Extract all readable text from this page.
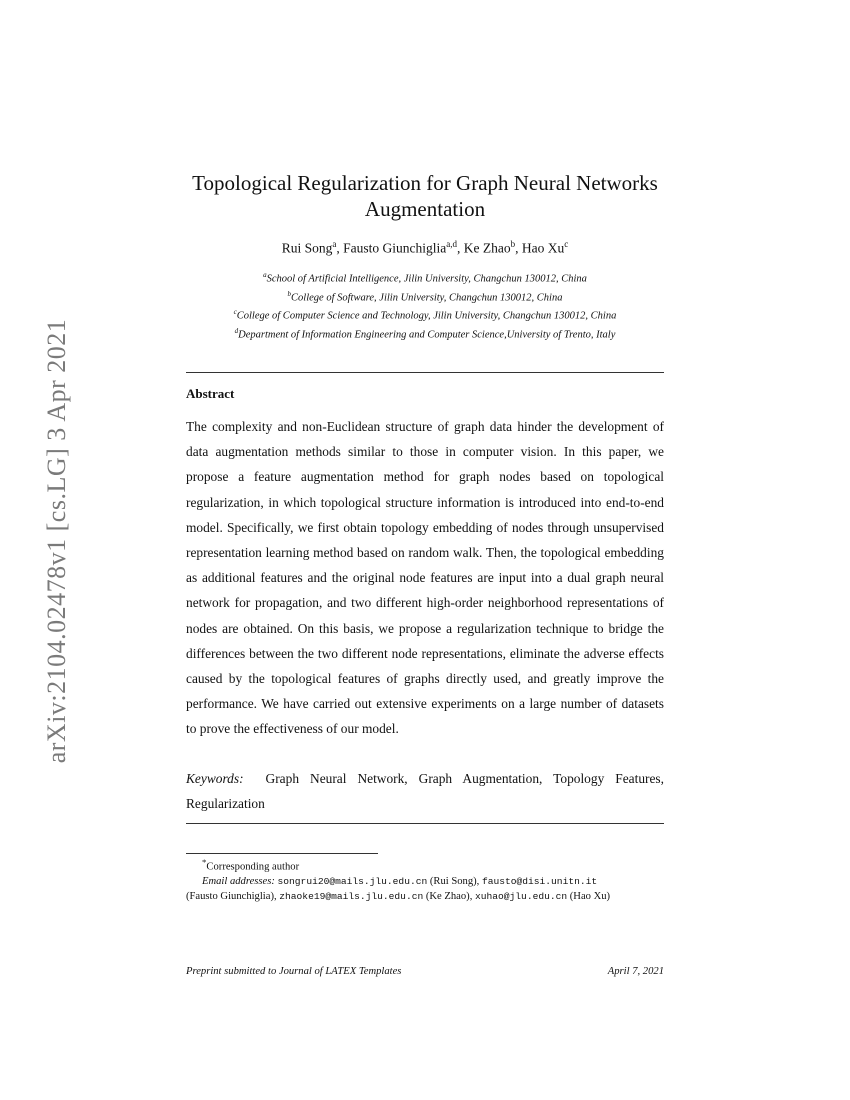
arXiv:2104.02478v1 [cs.LG] 3 Apr 2021
Topological Regularization for Graph Neural Networks Augmentation
Rui Song$^a$, Fausto Giunchiglia$^{a,d}$, Ke Zhao$^b$, Hao Xu$^c$
$^a$School of Artificial Intelligence, Jilin University, Changchun 130012, China
$^b$College of Software, Jilin University, Changchun 130012, China
$^c$College of Computer Science and Technology, Jilin University, Changchun 130012, China
$^d$Department of Information Engineering and Computer Science,University of Trento, Italy
Abstract

The complexity and non-Euclidean structure of graph data hinder the development of data augmentation methods similar to those in computer vision. In this paper, we propose a feature augmentation method for graph nodes based on topological regularization, in which topological structure information is introduced into end-to-end model. Specifically, we first obtain topology embedding of nodes through unsupervised representation learning method based on random walk. Then, the topological embedding as additional features and the original node features are input into a dual graph neural network for propagation, and two different high-order neighborhood representations of nodes are obtained. On this basis, we propose a regularization technique to bridge the differences between the two different node representations, eliminate the adverse effects caused by the topological features of graphs directly used, and greatly improve the performance. We have carried out extensive experiments on a large number of datasets to prove the effectiveness of our model.

Keywords: Graph Neural Network, Graph Augmentation, Topology Features, Regularization

*Corresponding author
Email addresses: songrui20@mails.jlu.edu.cn (Rui Song), fausto@disi.unitn.it
(Fausto Giunchiglia), zhaoke19@mails.jlu.edu.cn (Ke Zhao), xuhao@jlu.edu.cn (Hao Xu)
Preprint submitted to Journal of LATEX Templates	April 7, 2021
